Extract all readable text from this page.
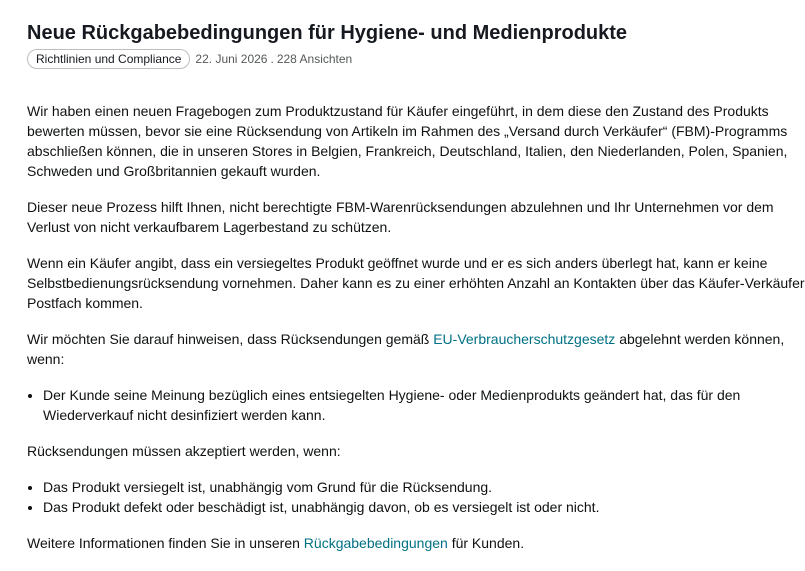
Neue Rückgabebedingungen für Hygiene- und Medienprodukte
Richtlinien und Compliance	22. Juni 2026 . 228 Ansichten

Wir haben einen neuen Fragebogen zum Produktzustand für Käufer eingeführt, in dem diese den Zustand des Produkts bewerten müssen, bevor sie eine Rücksendung von Artikeln im Rahmen des „Versand durch Verkäufer“ (FBM)-Programms abschließen können, die in unseren Stores in Belgien, Frankreich, Deutschland, Italien, den Niederlanden, Polen, Spanien, Schweden und Großbritannien gekauft wurden.

Dieser neue Prozess hilft Ihnen, nicht berechtigte FBM-Warenrücksendungen abzulehnen und Ihr Unternehmen vor dem Verlust von nicht verkaufbarem Lagerbestand zu schützen.

Wenn ein Käufer angibt, dass ein versiegeltes Produkt geöffnet wurde und er es sich anders überlegt hat, kann er keine Selbstbedienungsrücksendung vornehmen. Daher kann es zu einer erhöhten Anzahl an Kontakten über das Käufer-Verkäufer Postfach kommen.

Wir möchten Sie darauf hinweisen, dass Rücksendungen gemäß EU-Verbraucherschutzgesetz abgelehnt werden können, wenn:

• Der Kunde seine Meinung bezüglich eines entsiegelten Hygiene- oder Medienprodukts geändert hat, das für den Wiederverkauf nicht desinfiziert werden kann.

Rücksendungen müssen akzeptiert werden, wenn:

• Das Produkt versiegelt ist, unabhängig vom Grund für die Rücksendung.
• Das Produkt defekt oder beschädigt ist, unabhängig davon, ob es versiegelt ist oder nicht.

Weitere Informationen finden Sie in unseren Rückgabebedingungen für Kunden.
